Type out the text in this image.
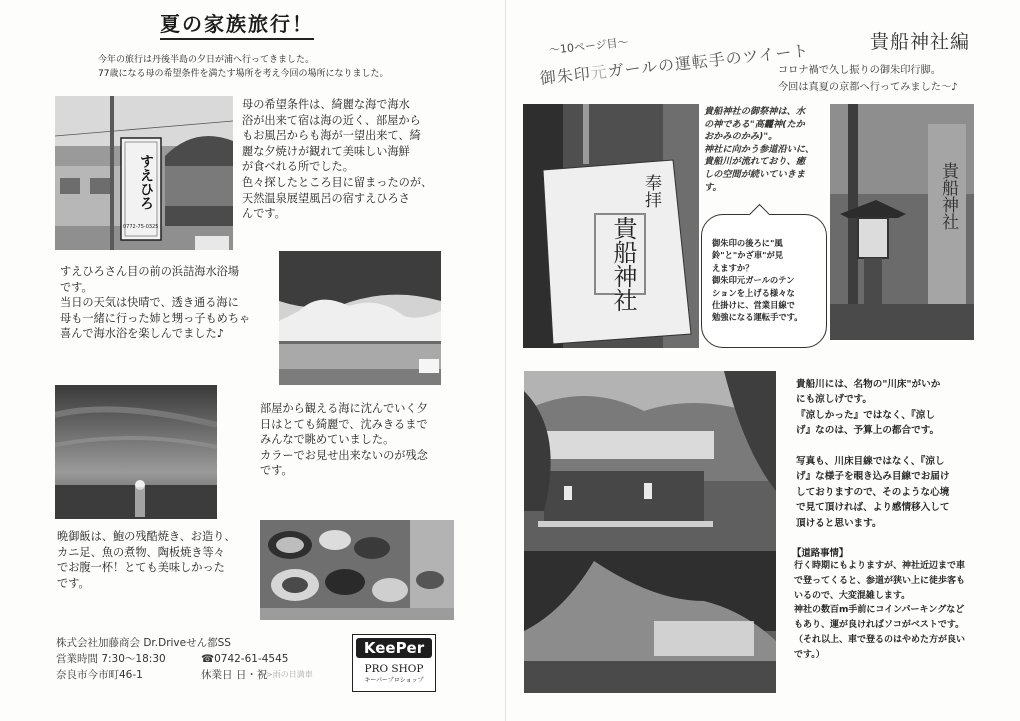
夏の家族旅行！
今年の旅行は丹後半島の夕日が浦へ行ってきました。
77歳になる母の希望条件を満たす場所を考え今回の場所になりました。
すえひろ
0772-75-0325
母の希望条件は、綺麗な海で海水
浴が出来て宿は海の近く、部屋から
もお風呂からも海が一望出来て、綺
麗な夕焼けが観れて美味しい海鮮
が食べれる所でした。
色々探したところ目に留まったのが、
天然温泉展望風呂の宿すえひろさ
んです。
すえひろさん目の前の浜詰海水浴場
です。
当日の天気は快晴で、透き通る海に
母も一緒に行った姉と甥っ子もめちゃ
喜んで海水浴を楽しんでました♪
部屋から観える海に沈んでいく夕
日はとても綺麗で、沈みきるまで
みんなで眺めていました。
カラーでお見せ出来ないのが残念
です。
晩御飯は、鮑の残酷焼き、お造り、
カニ足、魚の煮物、陶板焼き等々
でお腹一杯！とても美味しかった
です。
株式会社加藤商会 Dr.Driveせん都SS
営業時間 7:30～18:30	☎0742-61-4545
奈良市今市町46-1	休業日 日・祝
>雨の日満車
KeePer
PRO SHOP
キーパープロショップ
～10ページ目～
御朱印元ガールの運転手のツイート	貴船神社編
コロナ禍で久し振りの御朱印行脚。
今回は真夏の京都へ行ってみました～♪
奉拝
貴船神社
貴船神社の御祭神は、水
の神である"高龗神(たか
おかみのかみ)"。
神社に向かう参道沿いに、
貴船川が流れており、癒
しの空間が続いていきま
す。
御朱印の後ろに"風
鈴"と"かざ車"が見
えますか？
御朱印元ガールのテン
ションを上げる様々な
仕掛けに、営業目線で
勉強になる運転手です。
貴船神社
貴船川には、名物の"川床"がいか
にも涼しげです。
『涼しかった』ではなく、『涼し
げ』なのは、予算上の都合です。

写真も、川床目線ではなく、『涼し
げ』な様子を覗き込み目線でお届け
しておりますので、そのような心境
で見て頂ければ、より感情移入して
頂けると思います。
【道路事情】
行く時期にもよりますが、神社近辺まで車
で登ってくると、参道が狭い上に徒歩客も
いるので、大変混雑します。
神社の数百m手前にコインパーキングなど
もあり、運が良ければソコがベストです。
（それ以上、車で登るのはやめた方が良い
です。）
